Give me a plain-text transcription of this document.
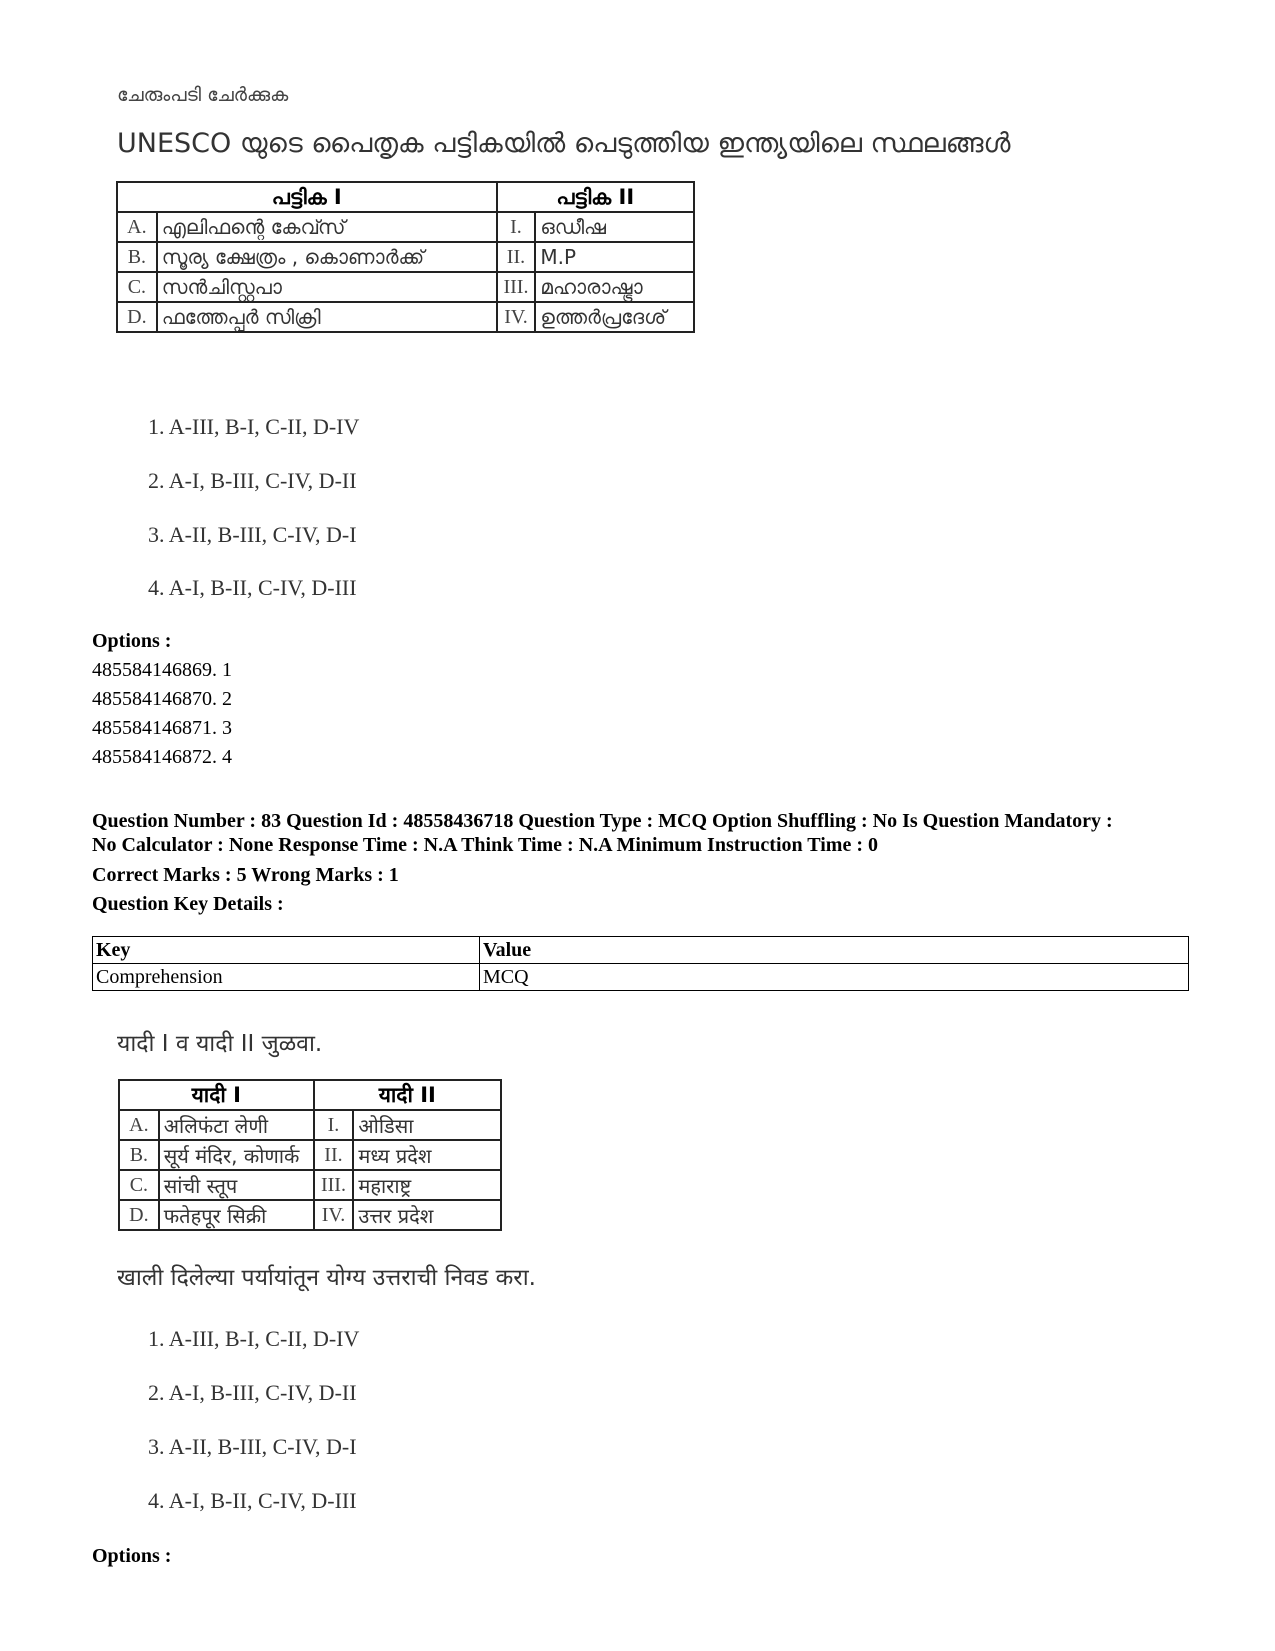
ചേരുംപടി ചേർക്കുക
UNESCO യുടെ പൈതൃക പട്ടികയിൽ പെടുത്തിയ ഇന്ത്യയിലെ സ്ഥലങ്ങൾ
പട്ടിക I		പട്ടിക II	
A.	എലിഫന്റെ കേവ്സ്	I.	ഒഡീഷ
B.	സൂര്യ ക്ഷേത്രം , കൊണാർക്ക്	II.	M.P
C.	സൻചിസ്റ്റൂപാ	III.	മഹാരാഷ്ട്രാ
D.	ഫത്തേപ്പൂർ സിക്രി	IV.	ഉത്തർപ്രദേശ്
1. A-III, B-I, C-II, D-IV
2. A-I, B-III, C-IV, D-II
3. A-II, B-III, C-IV, D-I
4. A-I, B-II, C-IV, D-III
Options :
485584146869. 1
485584146870. 2
485584146871. 3
485584146872. 4
Question Number : 83 Question Id : 48558436718 Question Type : MCQ Option Shuffling : No Is Question Mandatory :
No Calculator : None Response Time : N.A Think Time : N.A Minimum Instruction Time : 0
Correct Marks : 5 Wrong Marks : 1
Question Key Details :
Key	Value
Comprehension	MCQ
यादी I व यादी II जुळवा.
यादी I		यादी II	
A.	अलिफंटा लेणी	I.	ओडिसा
B.	सूर्य मंदिर, कोणार्क	II.	मध्य प्रदेश
C.	सांची स्तूप	III.	महाराष्ट्र
D.	फतेहपूर सिक्री	IV.	उत्तर प्रदेश
खाली दिलेल्या पर्यायांतून योग्य उत्तराची निवड करा.
1. A-III, B-I, C-II, D-IV
2. A-I, B-III, C-IV, D-II
3. A-II, B-III, C-IV, D-I
4. A-I, B-II, C-IV, D-III
Options :
